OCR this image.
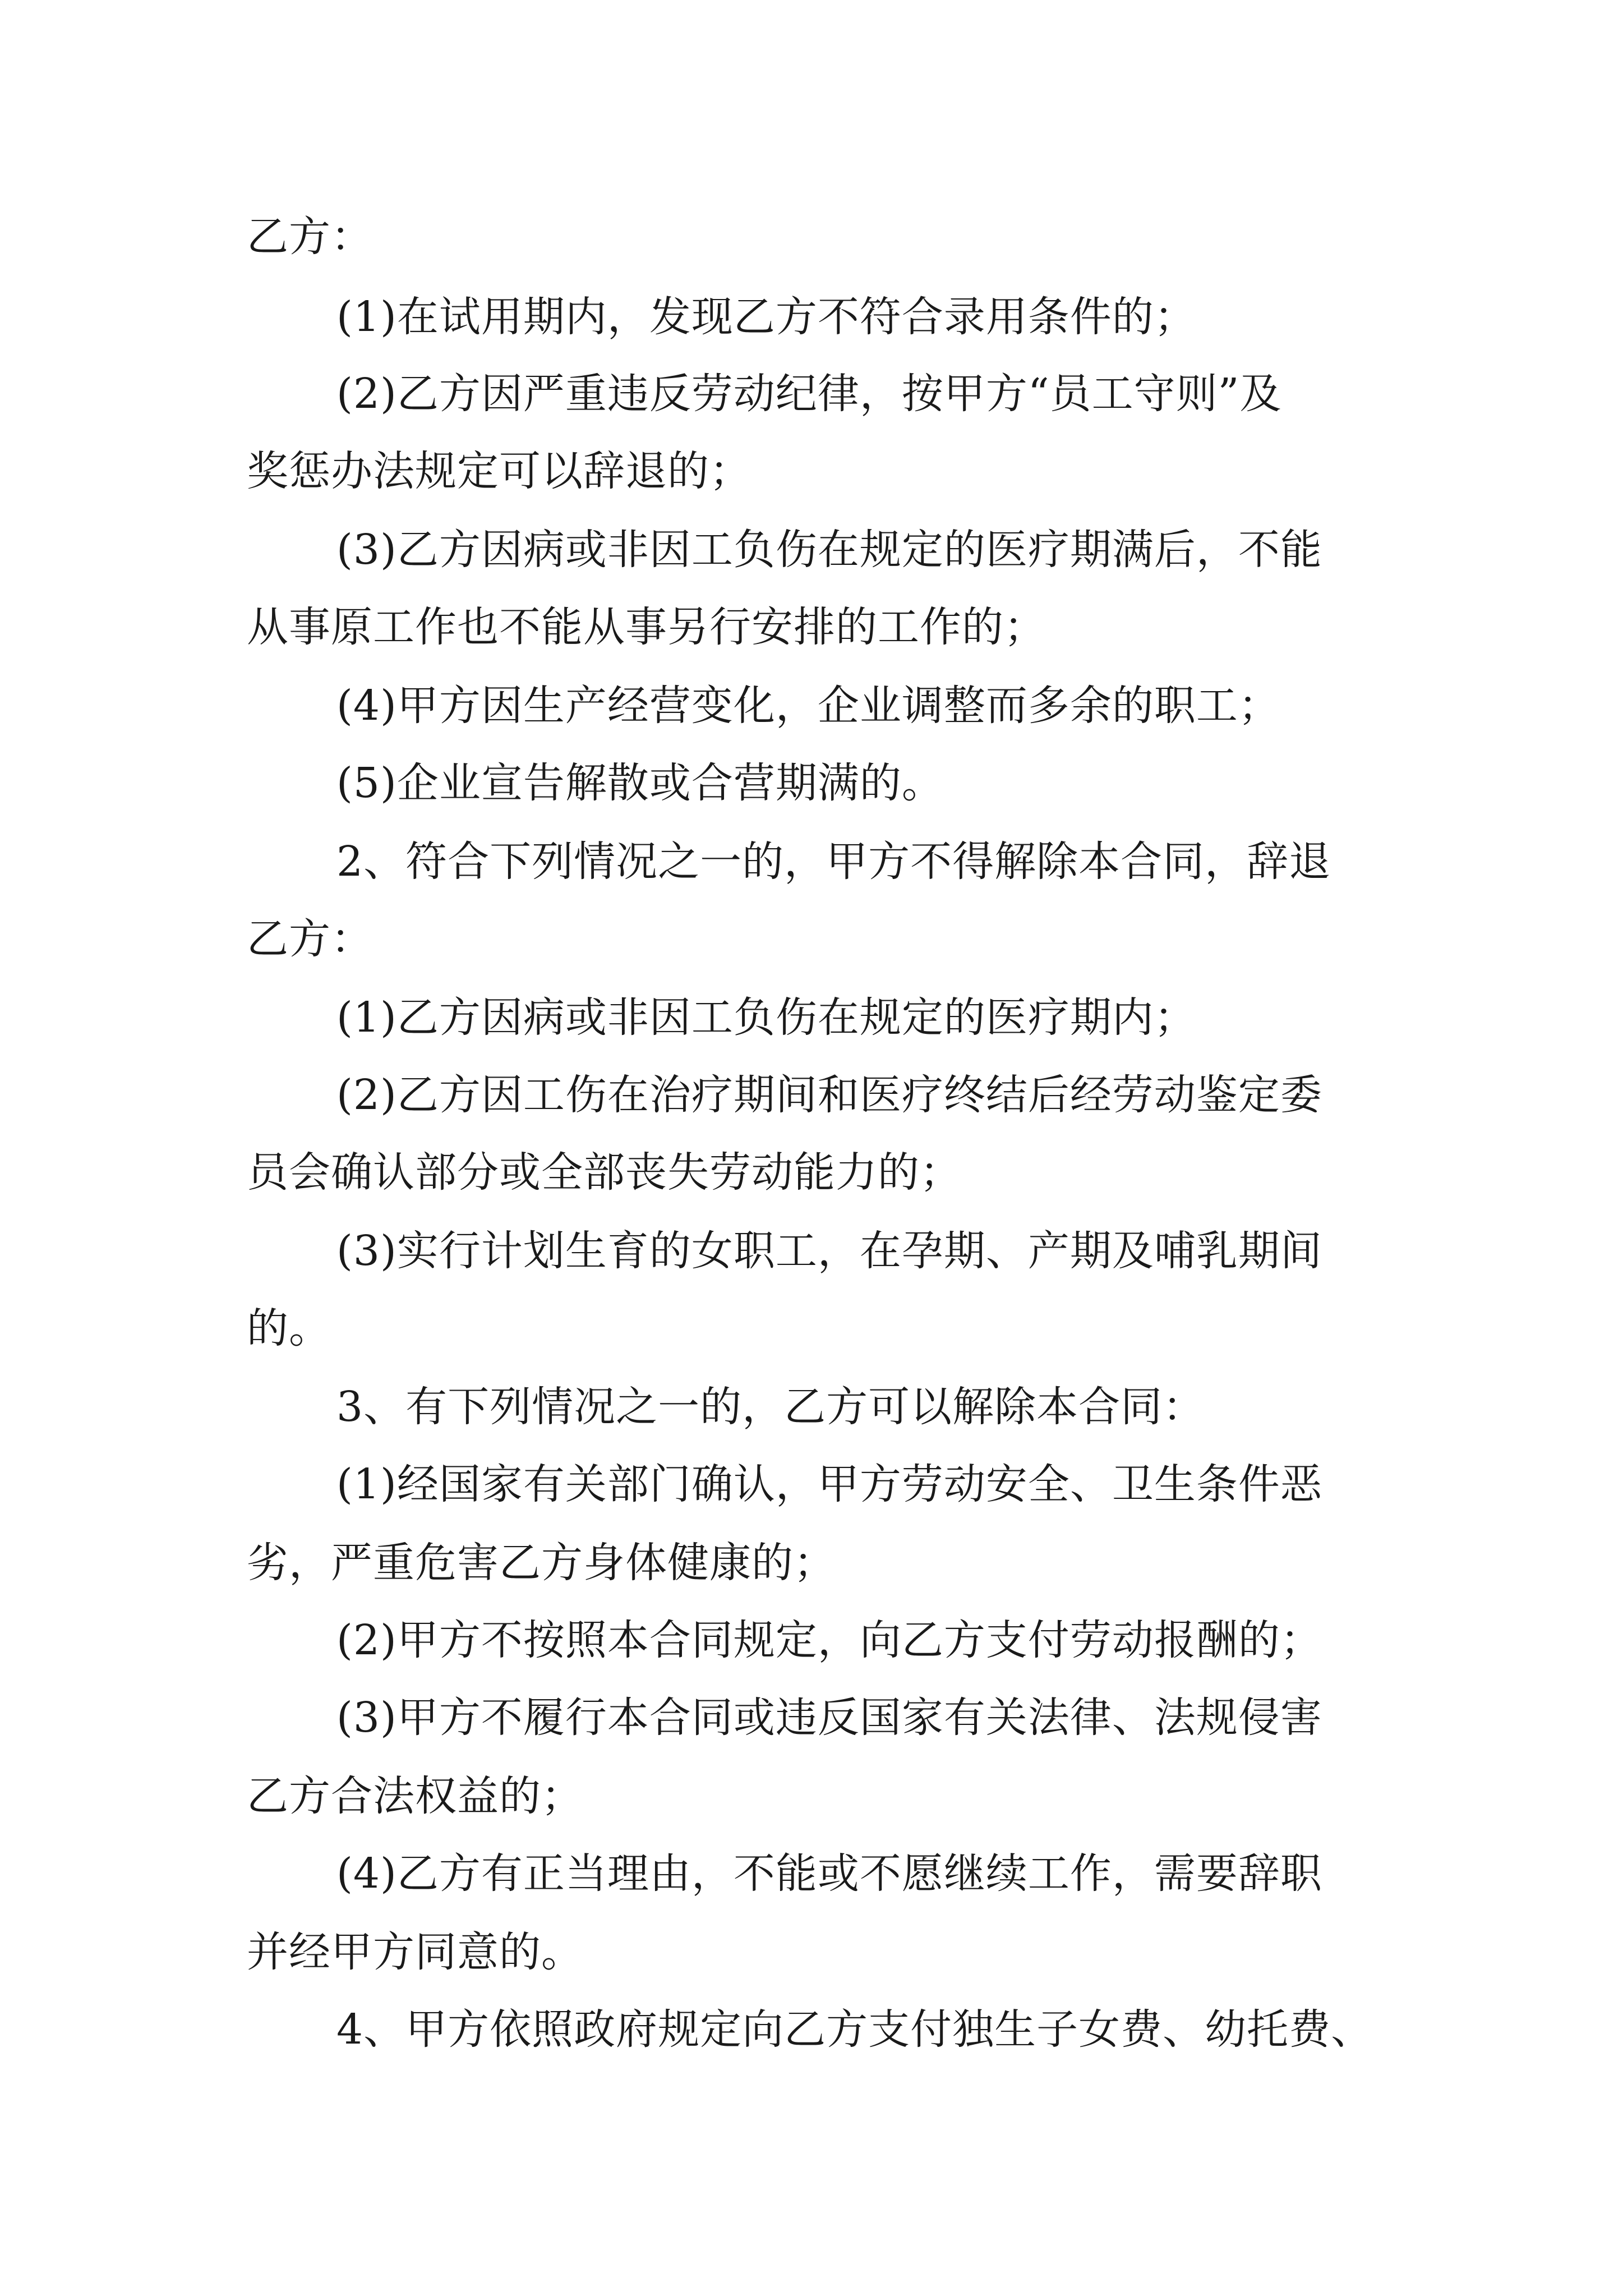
乙方：
(1)在试用期内，发现乙方不符合录用条件的；
(2)乙方因严重违反劳动纪律，按甲方“员工守则”及
奖惩办法规定可以辞退的；
(3)乙方因病或非因工负伤在规定的医疗期满后，不能
从事原工作也不能从事另行安排的工作的；
(4)甲方因生产经营变化，企业调整而多余的职工；
(5)企业宣告解散或合营期满的。
2、符合下列情况之一的，甲方不得解除本合同，辞退
乙方：
(1)乙方因病或非因工负伤在规定的医疗期内；
(2)乙方因工伤在治疗期间和医疗终结后经劳动鉴定委
员会确认部分或全部丧失劳动能力的；
(3)实行计划生育的女职工，在孕期、产期及哺乳期间
的。
3、有下列情况之一的，乙方可以解除本合同：
(1)经国家有关部门确认，甲方劳动安全、卫生条件恶
劣，严重危害乙方身体健康的；
(2)甲方不按照本合同规定，向乙方支付劳动报酬的；
(3)甲方不履行本合同或违反国家有关法律、法规侵害
乙方合法权益的；
(4)乙方有正当理由，不能或不愿继续工作，需要辞职
并经甲方同意的。
4、甲方依照政府规定向乙方支付独生子女费、幼托费、
